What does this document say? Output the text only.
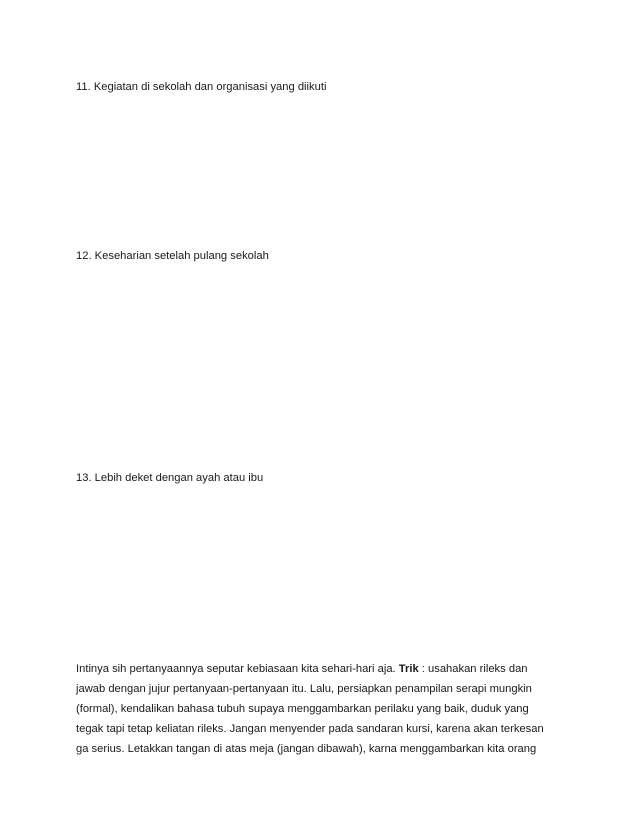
11. Kegiatan di sekolah dan organisasi yang diikuti

12. Keseharian setelah pulang sekolah

13. Lebih deket dengan ayah atau ibu

Intinya sih pertanyaannya seputar kebiasaan kita sehari-hari aja. Trik : usahakan rileks dan
jawab dengan jujur pertanyaan-pertanyaan itu. Lalu, persiapkan penampilan serapi mungkin
(formal), kendalikan bahasa tubuh supaya menggambarkan perilaku yang baik, duduk yang
tegak tapi tetap keliatan rileks. Jangan menyender pada sandaran kursi, karena akan terkesan
ga serius. Letakkan tangan di atas meja (jangan dibawah), karna menggambarkan kita orang
